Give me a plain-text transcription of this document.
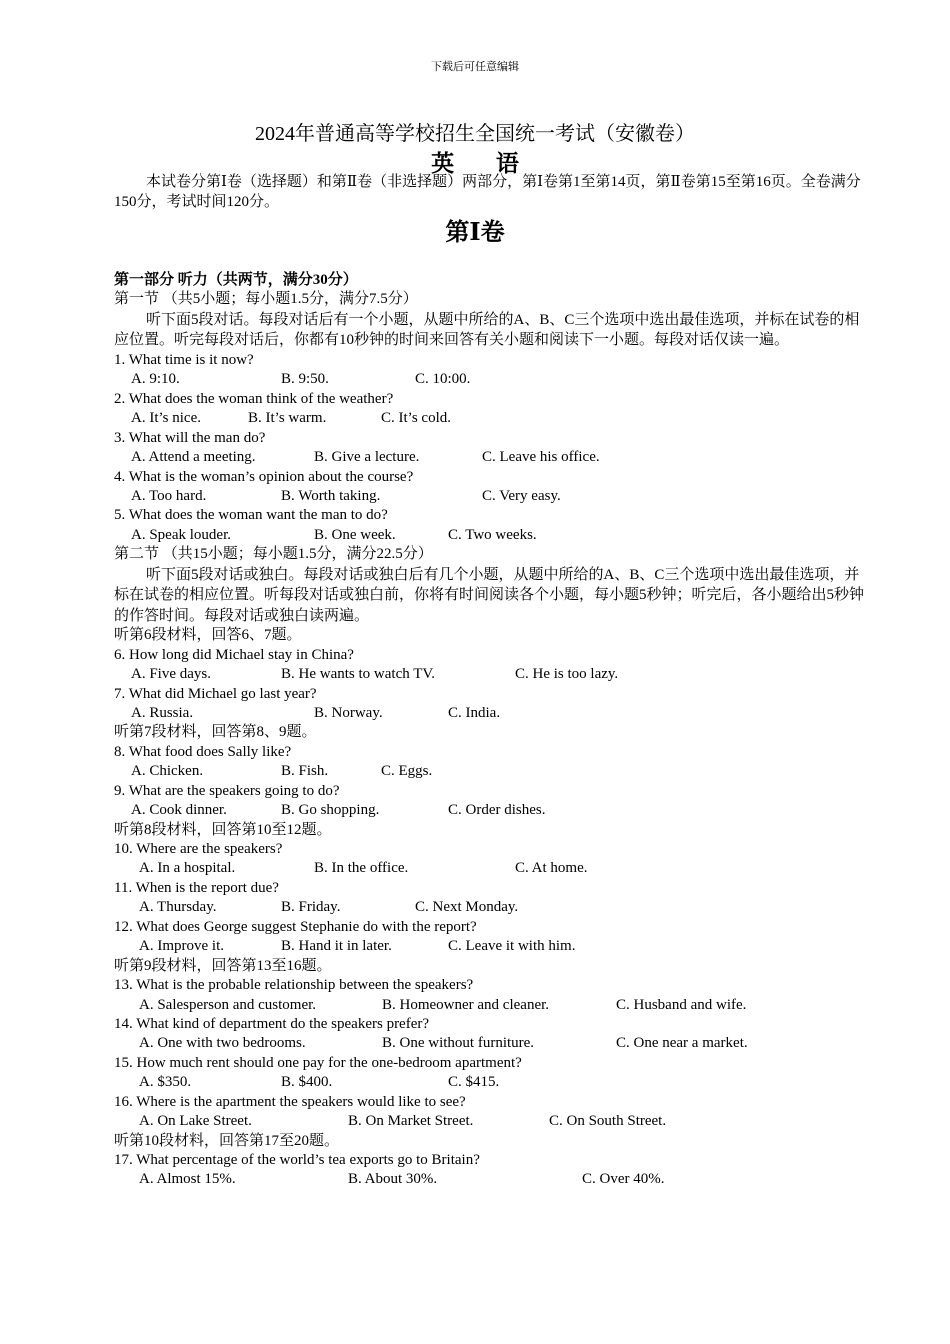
下载后可任意编辑
2024年普通高等学校招生全国统一考试（安徽卷）
英 语
本试卷分第Ⅰ卷（选择题）和第Ⅱ卷（非选择题）两部分，第Ⅰ卷第1至第14页，第Ⅱ卷第15至第16页。全卷满分150分，考试时间120分。
第Ⅰ卷
第一部分 听力（共两节，满分30分）
第一节 （共5小题；每小题1.5分，满分7.5分）
听下面5段对话。每段对话后有一个小题，从题中所给的A、B、C三个选项中选出最佳选项，并标在试卷的相应位置。听完每段对话后，你都有10秒钟的时间来回答有关小题和阅读下一小题。每段对话仅读一遍。
1. What time is it now?
A. 9:10.	B. 9:50.	C. 10:00.
2. What does the woman think of the weather?
A. It’s nice.	B. It’s warm.	C. It’s cold.
3. What will the man do?
A. Attend a meeting.	B. Give a lecture.	C. Leave his office.
4. What is the woman’s opinion about the course?
A. Too hard.	B. Worth taking.	C. Very easy.
5. What does the woman want the man to do?
A. Speak louder.	B. One week.	C. Two weeks.
第二节 （共15小题；每小题1.5分，满分22.5分）
听下面5段对话或独白。每段对话或独白后有几个小题，从题中所给的A、B、C三个选项中选出最佳选项，并标在试卷的相应位置。听每段对话或独白前，你将有时间阅读各个小题，每小题5秒钟；听完后，各小题给出5秒钟的作答时间。每段对话或独白读两遍。
听第6段材料，回答6、7题。
6. How long did Michael stay in China?
A. Five days.	B. He wants to watch TV.	C. He is too lazy.
7. What did Michael go last year?
A. Russia.	B. Norway.	C. India.
听第7段材料，回答第8、9题。
8. What food does Sally like?
A. Chicken.	B. Fish.	C. Eggs.
9. What are the speakers going to do?
A. Cook dinner.	B. Go shopping.	C. Order dishes.
听第8段材料，回答第10至12题。
10. Where are the speakers?
A. In a hospital.	B. In the office.	C. At home.
11. When is the report due?
A. Thursday.	B. Friday.	C. Next Monday.
12. What does George suggest Stephanie do with the report?
A. Improve it.	B. Hand it in later.	C. Leave it with him.
听第9段材料，回答第13至16题。
13. What is the probable relationship between the speakers?
A. Salesperson and customer.	B. Homeowner and cleaner.	C. Husband and wife.
14. What kind of department do the speakers prefer?
A. One with two bedrooms.	B. One without furniture.	C. One near a market.
15. How much rent should one pay for the one-bedroom apartment?
A. $350.	B. $400.	C. $415.
16. Where is the apartment the speakers would like to see?
A. On Lake Street.	B. On Market Street.	C. On South Street.
听第10段材料，回答第17至20题。
17. What percentage of the world’s tea exports go to Britain?
A. Almost 15%.	B. About 30%.	C. Over 40%.
